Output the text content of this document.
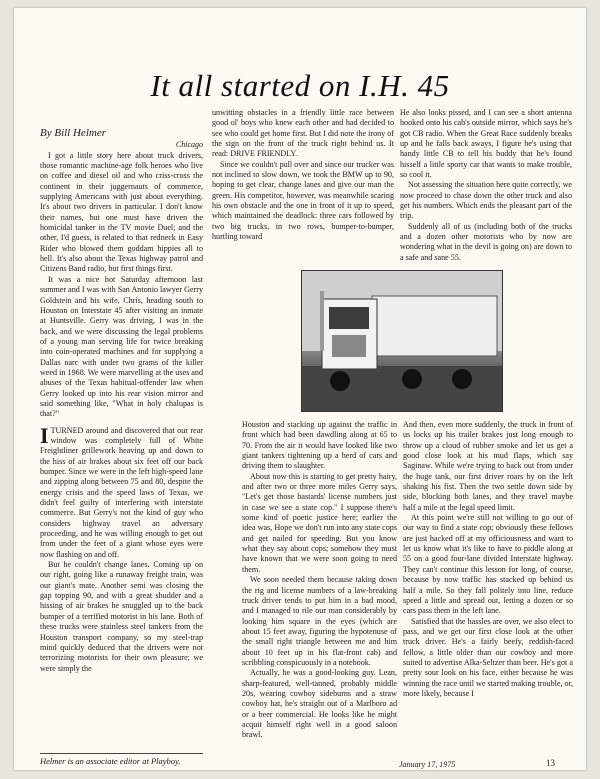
It all started on I.H. 45
By Bill Helmer
Chicago

I got a little story here about truck drivers, those romantic machine-age folk heroes who live on coffee and diesel oil and who criss-cross the continent in their juggernauts of commerce, supplying Americans with just about everything. It's about two drivers in particular. I don't know their names, but one must have driven the homicidal tanker in the TV movie Duel; and the other, I'd guess, is related to that redneck in Easy Rider who blowed them goddam hippies all to hell. It's also about the Texas highway patrol and Citizens Band radio, but first things first.

It was a nice hot Saturday afternoon last summer and I was with San Antonio lawyer Gerry Goldstein and his wife, Chris, heading south to Houston on Interstate 45 after visiting an inmate at Huntsville. Gerry was driving, I was in the back, and we were discussing the legal problems of a young man serving life for twice breaking into coin-operated machines and for supplying a Dallas narc with under two grams of the killer weed in 1968. We were marvelling at the uses and abuses of the Texas habitual-offender law when Gerry looked up into his rear vision mirror and said something like, "What in holy chalupas is that?"

I TURNED around and discovered that our rear window was completely full of White Freightliner grillework heaving up and down to the hiss of air brakes about six feet off our back bumper. Since we were in the left high-speed lane and zipping along between 75 and 80, despite the energy crisis and the speed laws of Texas, we didn't feel guilty of interfering with interstate commerce. But Gerry's not the kind of guy who considers highway travel an adversary proceeding, and he was willing enough to get out from under the feet of a giant whose eyes were now flashing on and off.

But he couldn't change lanes. Coming up on our right, going like a runaway freight train, was our giant's mate. Another semi was closing the gap topping 90, and with a great shudder and a hissing of air brakes he snuggled up to the back bumper of a terrified motorist in his lane. Both of these trucks were stainless steel tankers from the Houston transport company, so my steel-trap mind quickly deduced that the drivers were not terrorizing motorists for their own pleasure; we were simply the

unwitting obstacles in a friendly little race between good ol' boys who knew each other and had decided to see who could get home first. But I did note the irony of the sign on the front of the truck right behind us. It read: DRIVE FRIENDLY.

Since we couldn't pull over and since our trucker was not inclined to slow down, we took the BMW up to 90, hoping to get clear, change lanes and give our man the green. His competitor, however, was meanwhile scaring his own obstacle and the one in front of it up to speed, which maintained the deadlock: three cars followed by two big trucks, in two rows, bumper-to-bumper, hurtling toward

He also looks pissed, and I can see a short antenna hooked onto his cab's outside mirror, which says he's got CB radio. When the Great Race suddenly breaks up and he falls back aways, I figure he's using that handy little CB to tell his buddy that he's found hisself a little sporty car that wants to make trouble, so cool it.

Not assessing the situation here quite correctly, we now proceed to chase down the other truck and also get his numbers. Which ends the pleasant part of the trip.

Suddenly all of us (including both of the trucks and a dozen other motorists who by now are wondering what in the devil is going on) are down to a safe and sane 55.

Houston and stacking up against the traffic in front which had been dawdling along at 65 to 70. From the air it would have looked like two giant tankers tightening up a herd of cars and driving them to slaughter.

About now this is starting to get pretty hairy, and after two or three more miles Gerry says, "Let's get those bastards' license numbers just in case we see a state cop." I suppose there's some kind of poetic justice here; earlier the idea was, Hope we don't run into any state cops and get nailed for speeding. But you know what they say about cops; somehow they must have known that we were soon going to need them.

We soon needed them because taking down the rig and license numbers of a law-breaking truck driver tends to put him in a bad mood, and I managed to rile our man considerably by looking him square in the eyes (which are about 15 feet away, figuring the hypotenuse of the small right triangle between me and him about 10 feet up in his flat-front cab) and scribbling conspicuously in a notebook.

Actually, he was a good-looking guy. Lean, sharp-featured, well-tanned, probably middle 20s, wearing cowboy sideburns and a straw cowboy hat, he's straight out of a Marlboro ad or a beer commercial. He looks like he might acquit himself right well in a good saloon brawl.

And then, even more suddenly, the truck in front of us locks up his trailer brakes just long enough to throw up a cloud of rubber smoke and let us get a good close look at his mud flaps, which say Saginaw. While we're trying to back out from under the huge tank, our first driver roars by on the left shaking his fist. Then the two settle down side by side, blocking both lanes, and they travel maybe half a mile at the legal speed limit.

At this point we're still not willing to go out of our way to find a state cop; obviously these fellows are just hacked off at my officiousness and want to let us know what it's like to have to piddle along at 55 on a good four-lane divided Interstate highway. They can't continue this lesson for long, of course, because by now traffic has stacked up behind us half a mile. So they fall politely into line, reduce speed a little and spread out, letting a dozen or so cars pass them in the left lane.

Satisfied that the hassles are over, we also elect to pass, and we get our first close look at the other truck driver. He's a fairly beefy, reddish-faced fellow, a little older than our cowboy and more suited to advertise Alka-Seltzer than beer. He's got a pretty sour look on his face, either because he was winning the race until we started making trouble, or, more likely, because I

Helmer is an associate editor at Playboy.	January 17, 1975	13
